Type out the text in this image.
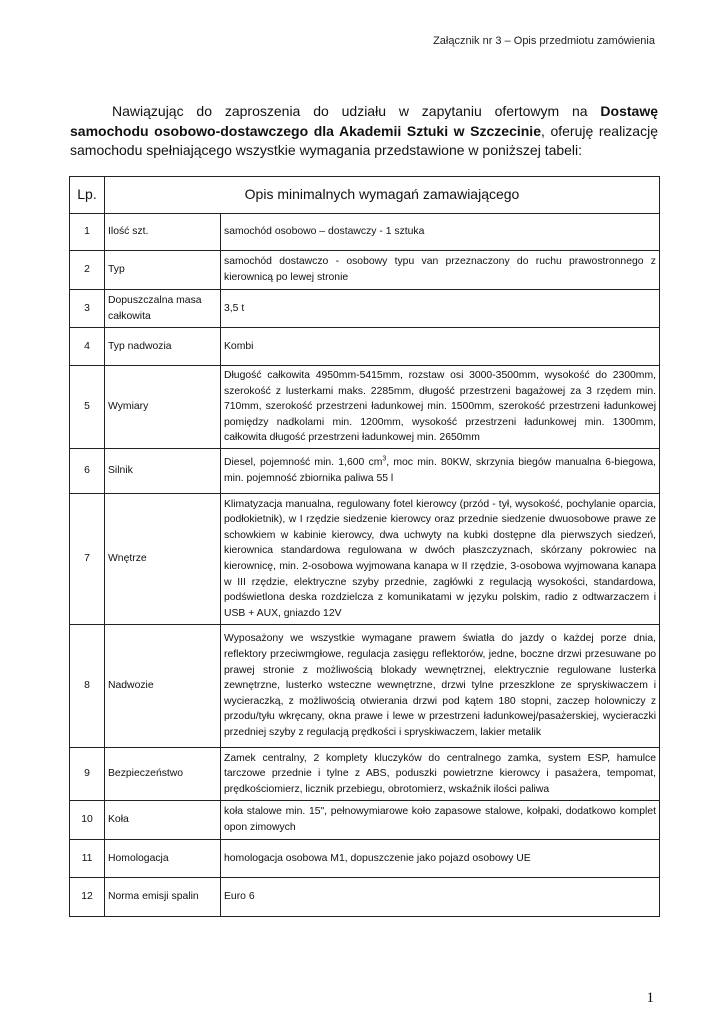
Załącznik nr 3 – Opis przedmiotu zamówienia

Nawiązując do zaproszenia do udziału w zapytaniu ofertowym na Dostawę samochodu osobowo-dostawczego dla Akademii Sztuki w Szczecinie, oferuję realizację samochodu spełniającego wszystkie wymagania przedstawione w poniższej tabeli:

Lp.	Opis minimalnych wymagań zamawiającego	
1	Ilość szt.	samochód osobowo – dostawczy - 1 sztuka
2	Typ	samochód dostawczo - osobowy typu van przeznaczony do ruchu prawostronnego z kierownicą po lewej stronie
3	Dopuszczalna masa całkowita	3,5 t
4	Typ nadwozia	Kombi
5	Wymiary	Długość całkowita 4950mm-5415mm, rozstaw osi 3000-3500mm, wysokość do 2300mm, szerokość z lusterkami maks. 2285mm, długość przestrzeni bagażowej za 3 rzędem min. 710mm, szerokość przestrzeni ładunkowej min. 1500mm, szerokość przestrzeni ładunkowej pomiędzy nadkolami min. 1200mm, wysokość przestrzeni ładunkowej min. 1300mm, całkowita długość przestrzeni ładunkowej min. 2650mm
6	Silnik	Diesel, pojemność min. 1,600 $cm^3$, moc min. 80KW, skrzynia biegów manualna 6-biegowa, min. pojemność zbiornika paliwa 55 l
7	Wnętrze	Klimatyzacja manualna, regulowany fotel kierowcy (przód - tył, wysokość, pochylanie oparcia, podłokietnik), w I rzędzie siedzenie kierowcy oraz przednie siedzenie dwuosobowe prawe ze schowkiem w kabinie kierowcy, dwa uchwyty na kubki dostępne dla pierwszych siedzeń, kierownica standardowa regulowana w dwóch płaszczyznach, skórzany pokrowiec na kierownicę, min. 2-osobowa wyjmowana kanapa w II rzędzie, 3-osobowa wyjmowana kanapa w III rzędzie, elektryczne szyby przednie, zagłówki z regulacją wysokości, standardowa, podświetlona deska rozdzielcza z komunikatami w języku polskim, radio z odtwarzaczem i USB + AUX, gniazdo 12V
8	Nadwozie	Wyposażony we wszystkie wymagane prawem światła do jazdy o każdej porze dnia, reflektory przeciwmgłowe, regulacja zasięgu reflektorów, jedne, boczne drzwi przesuwane po prawej stronie z możliwością blokady wewnętrznej, elektrycznie regulowane lusterka zewnętrzne, lusterko wsteczne wewnętrzne, drzwi tylne przeszklone ze spryskiwaczem i wycieraczką, z możliwością otwierania drzwi pod kątem 180 stopni, zaczep holowniczy z przodu/tyłu wkręcany, okna prawe i lewe w przestrzeni ładunkowej/pasażerskiej, wycieraczki przedniej szyby z regulacją prędkości i spryskiwaczem, lakier metalik
9	Bezpieczeństwo	Zamek centralny, 2 komplety kluczyków do centralnego zamka, system ESP, hamulce tarczowe przednie i tylne z ABS, poduszki powietrzne kierowcy i pasażera, tempomat, prędkościomierz, licznik przebiegu, obrotomierz, wskaźnik ilości paliwa
10	Koła	koła stalowe min. 15", pełnowymiarowe koło zapasowe stalowe, kołpaki, dodatkowo komplet opon zimowych
11	Homologacja	homologacja osobowa M1, dopuszczenie jako pojazd osobowy UE
12	Norma emisji spalin	Euro 6
1
